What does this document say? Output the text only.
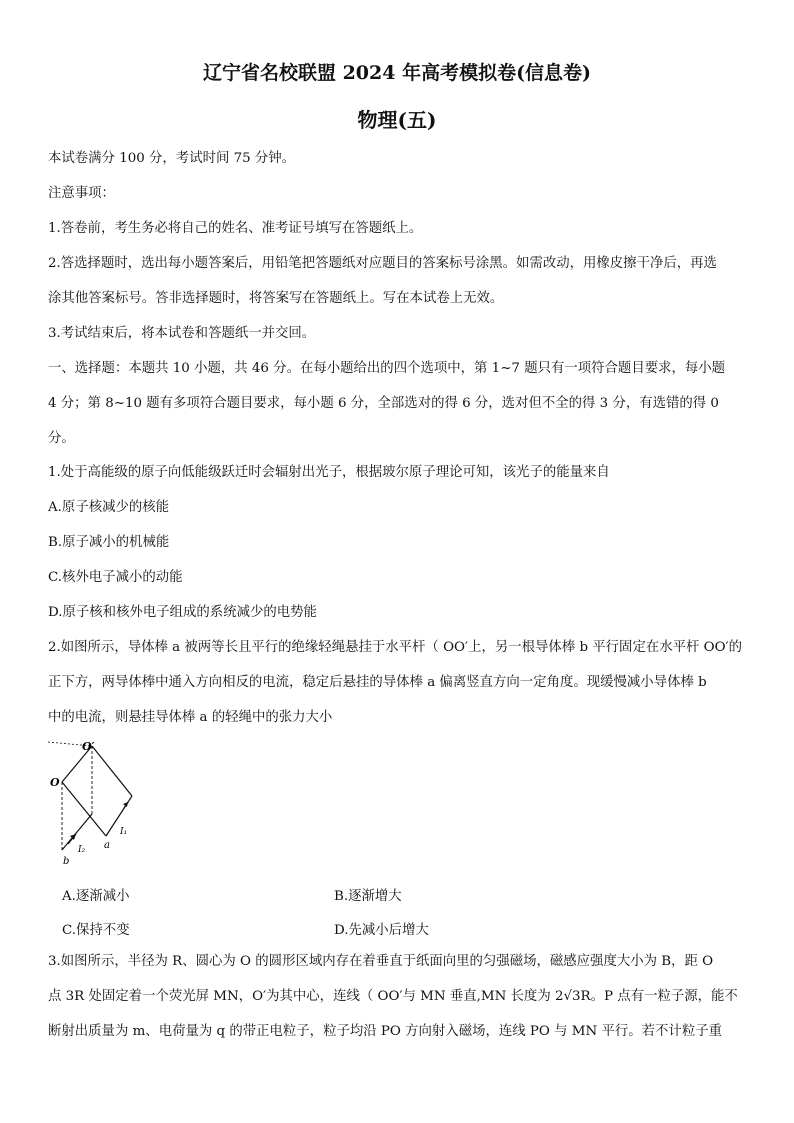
辽宁省名校联盟 2024 年高考模拟卷(信息卷)
物理(五)
本试卷满分 100 分，考试时间 75 分钟。
注意事项：
1.答卷前，考生务必将自己的姓名、准考证号填写在答题纸上。
2.答选择题时，选出每小题答案后，用铅笔把答题纸对应题目的答案标号涂黑。如需改动，用橡皮擦干净后，再选
涂其他答案标号。答非选择题时，将答案写在答题纸上。写在本试卷上无效。
3.考试结束后，将本试卷和答题纸一并交回。
一、选择题：本题共 10 小题，共 46 分。在每小题给出的四个选项中，第 1~7 题只有一项符合题目要求，每小题
4 分；第 8~10 题有多项符合题目要求，每小题 6 分，全部选对的得 6 分，选对但不全的得 3 分，有选错的得 0
分。
1.处于高能级的原子向低能级跃迁时会辐射出光子，根据玻尔原子理论可知，该光子的能量来自
A.原子核减少的核能
B.原子减小的机械能
C.核外电子减小的动能
D.原子核和核外电子组成的系统减少的电势能
2.如图所示，导体棒 a 被两等长且平行的绝缘轻绳悬挂于水平杆（ OO′上，另一根导体棒 b 平行固定在水平杆 OO′的
正下方，两导体棒中通入方向相反的电流，稳定后悬挂的导体棒 a 偏离竖直方向一定角度。现缓慢减小导体棒 b
中的电流，则悬挂导体棒 a 的轻绳中的张力大小
O
O′
a
b
I₁
I₂
A.逐渐减小	B.逐渐增大
C.保持不变	D.先减小后增大
3.如图所示，半径为 R、圆心为 O 的圆形区域内存在着垂直于纸面向里的匀强磁场，磁感应强度大小为 B，距 O
点 3R 处固定着一个荧光屏 MN，O′为其中心，连线（ OO′与 MN 垂直,MN 长度为 2√3R。P 点有一粒子源，能不
断射出质量为 m、电荷量为 q 的带正电粒子，粒子均沿 PO 方向射入磁场，连线 PO 与 MN 平行。若不计粒子重
